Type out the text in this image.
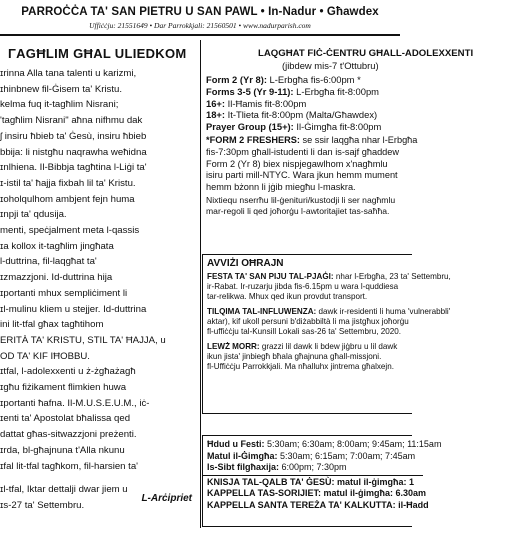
PARROĊĊA TA' SAN PIETRU U SAN PAWL • In-Nadur • Għawdex
Uffiċċju: 21551649 • Dar Parrokkjali: 21560501 • www.nadurparish.com
ΓAGĦLIM GĦAL ULIEDKOM

ɪrinna Alla tana talenti u karizmi,

ɪhinbnew fil-Ġisem ta' Kristu.

kelma fuq it-tagħlim Nisrani;

'tagħlim Nisrani" aħna nifhmu dak

ʃ insiru ħbieb ta' Ġesù, insiru ħbieb

bbija: li nistgħu naqrawha weħidna

ɪnlhiena. Il-Bibbja tagħtina l-Liġi ta'

ɪ-istil ta' ħajja fixbah lil ta' Kristu.

ɪoholqulhom ambjent fejn huma

ɪnpji ta' qdusija.

menti, speċjalment meta l-qassis

ɪa kollox it-tagħlim jingħata

l-duttrina, fil-laqgħat ta'

ɪzmazzjoni. Id-duttrina hija

ɪportanti mhux sempliċiment li

ɪl-mulinu kliem u stejjer. Id-duttrina

ini lit-tfal għax tagħtihom

ERITÀ TA' KRISTU, STIL TA' ĦAJJA, u

OD TA' KIF IĦOBBU.

ɪtfal, l-adolexxenti u ż-żgħażagħ

ɪgħu fiżikament flimkien huwa

ɪportanti ħafna. Il-M.U.S.E.U.M., iċ-

ɪenti ta' Apostolat bħalissa qed

dattat għas-sitwazzjoni preżenti.

ɪrda, bl-għajnuna t'Alla nkunu

ɪfal lit-tfal tagħkom, fil-harsien ta'

ɪl-tfal, Iktar dettalji dwar jiem u

ɪs-27 ta' Settembru.

L-Arċipriet
LAQGĦAT FIĊ-ĊENTRU GĦALL-ADOLEXXENTI
(jibdew mis-7 t'Ottubru)
Form 2 (Yr 8): L-Erbgħa fis-6:00pm *
Forms 3-5 (Yr 9-11): L-Erbgħa fit-8:00pm
16+: Il-Ħamis fit-8:00pm
18+: It-Tlieta fit-8:00pm (Malta/Għawdex)
Prayer Group (15+): Il-Ġimgħa fit-8:00pm
*FORM 2 FRESHERS: se ssir laqgħa nhar l-Erbgħa
fis-7:30pm għall-istudenti li dan is-sajf għaddew
Form 2 (Yr 8) biex nispjegawlhom x'nagħmlu
isiru parti mill-NTYC. Wara jkun hemm mument
hemm bżonn li jġib miegħu l-maskra.
Nixtiequ nserrħu lil-ġenituri/kustodji li ser nagħmlu
mar-regoli li qed joħorġu l-awtoritajiet tas-saħħa.
AVVIŻI OĦRAJN
FESTA TA' SAN PIJU TAL-PJAĠI: nhar l-Erbgħa, 23 ta' Settembru,
ir-Rabat. Ir-ruzarju jibda fis-6.15pm u wara l-quddiesa
tar-relikwa. Mhux qed ikun provdut transport.
TILQIMA TAL-INFLUWENZA: dawk ir-residenti li huma 'vulnerabbli'
aktar), kif ukoll persuni b'diżabbiltà li ma jistgħux joħorġu
fl-uffiċċju tal-Kunsill Lokali sas-26 ta' Settembru, 2020.
LEWŻ MORR: grazzi lil dawk li bdew jiġbru u lil dawk
ikun jista' jinbiegħ bħala għajnuna għall-missjoni.
fl-Uffiċċju Parrokkjali. Ma nħalluhx jintrema għalxejn.
Ħdud u Festi: 5:30am; 6:30am; 8:00am; 9:45am; 11:15am
Matul il-Ġimgħa: 5:30am; 6:15am; 7:00am; 7:45am
Is-Sibt filgħaxija: 6:00pm; 7:30pm
KNISJA TAL-QALB TA' ĠESÙ: matul il-ġimgħa: 1
KAPPELLA TAS-SORIJIET: matul il-ġimgħa: 6.30am
KAPPELLA SANTA TEREŻA TA' KALKUTTA: il-Ħadd
